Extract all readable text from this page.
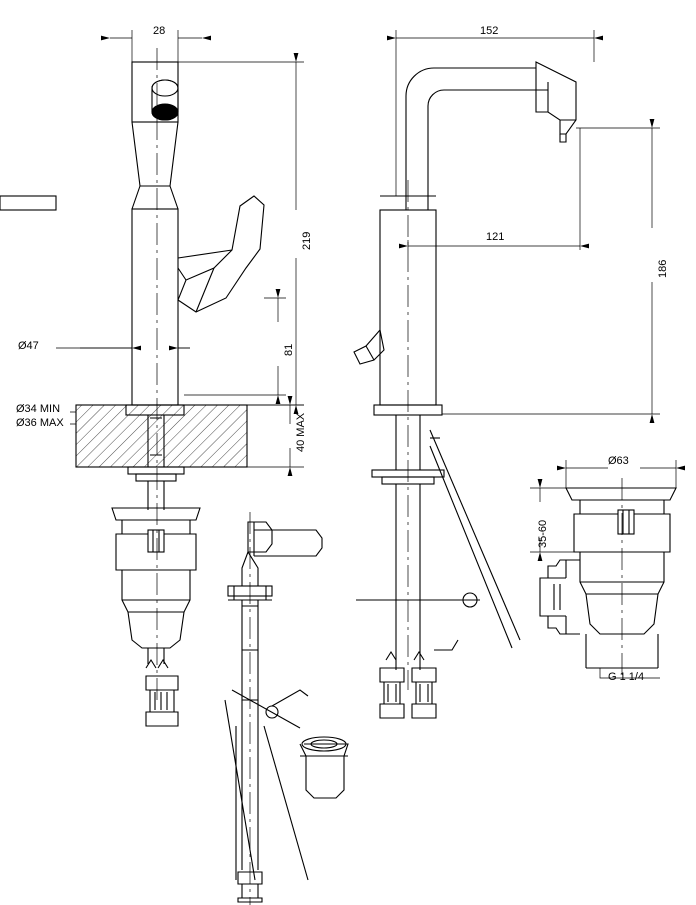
28
Ø47
219
81
Ø34 MIN
Ø36 MAX	40 MAX
152
121
186
Ø63
35-60
G 1 1/4
